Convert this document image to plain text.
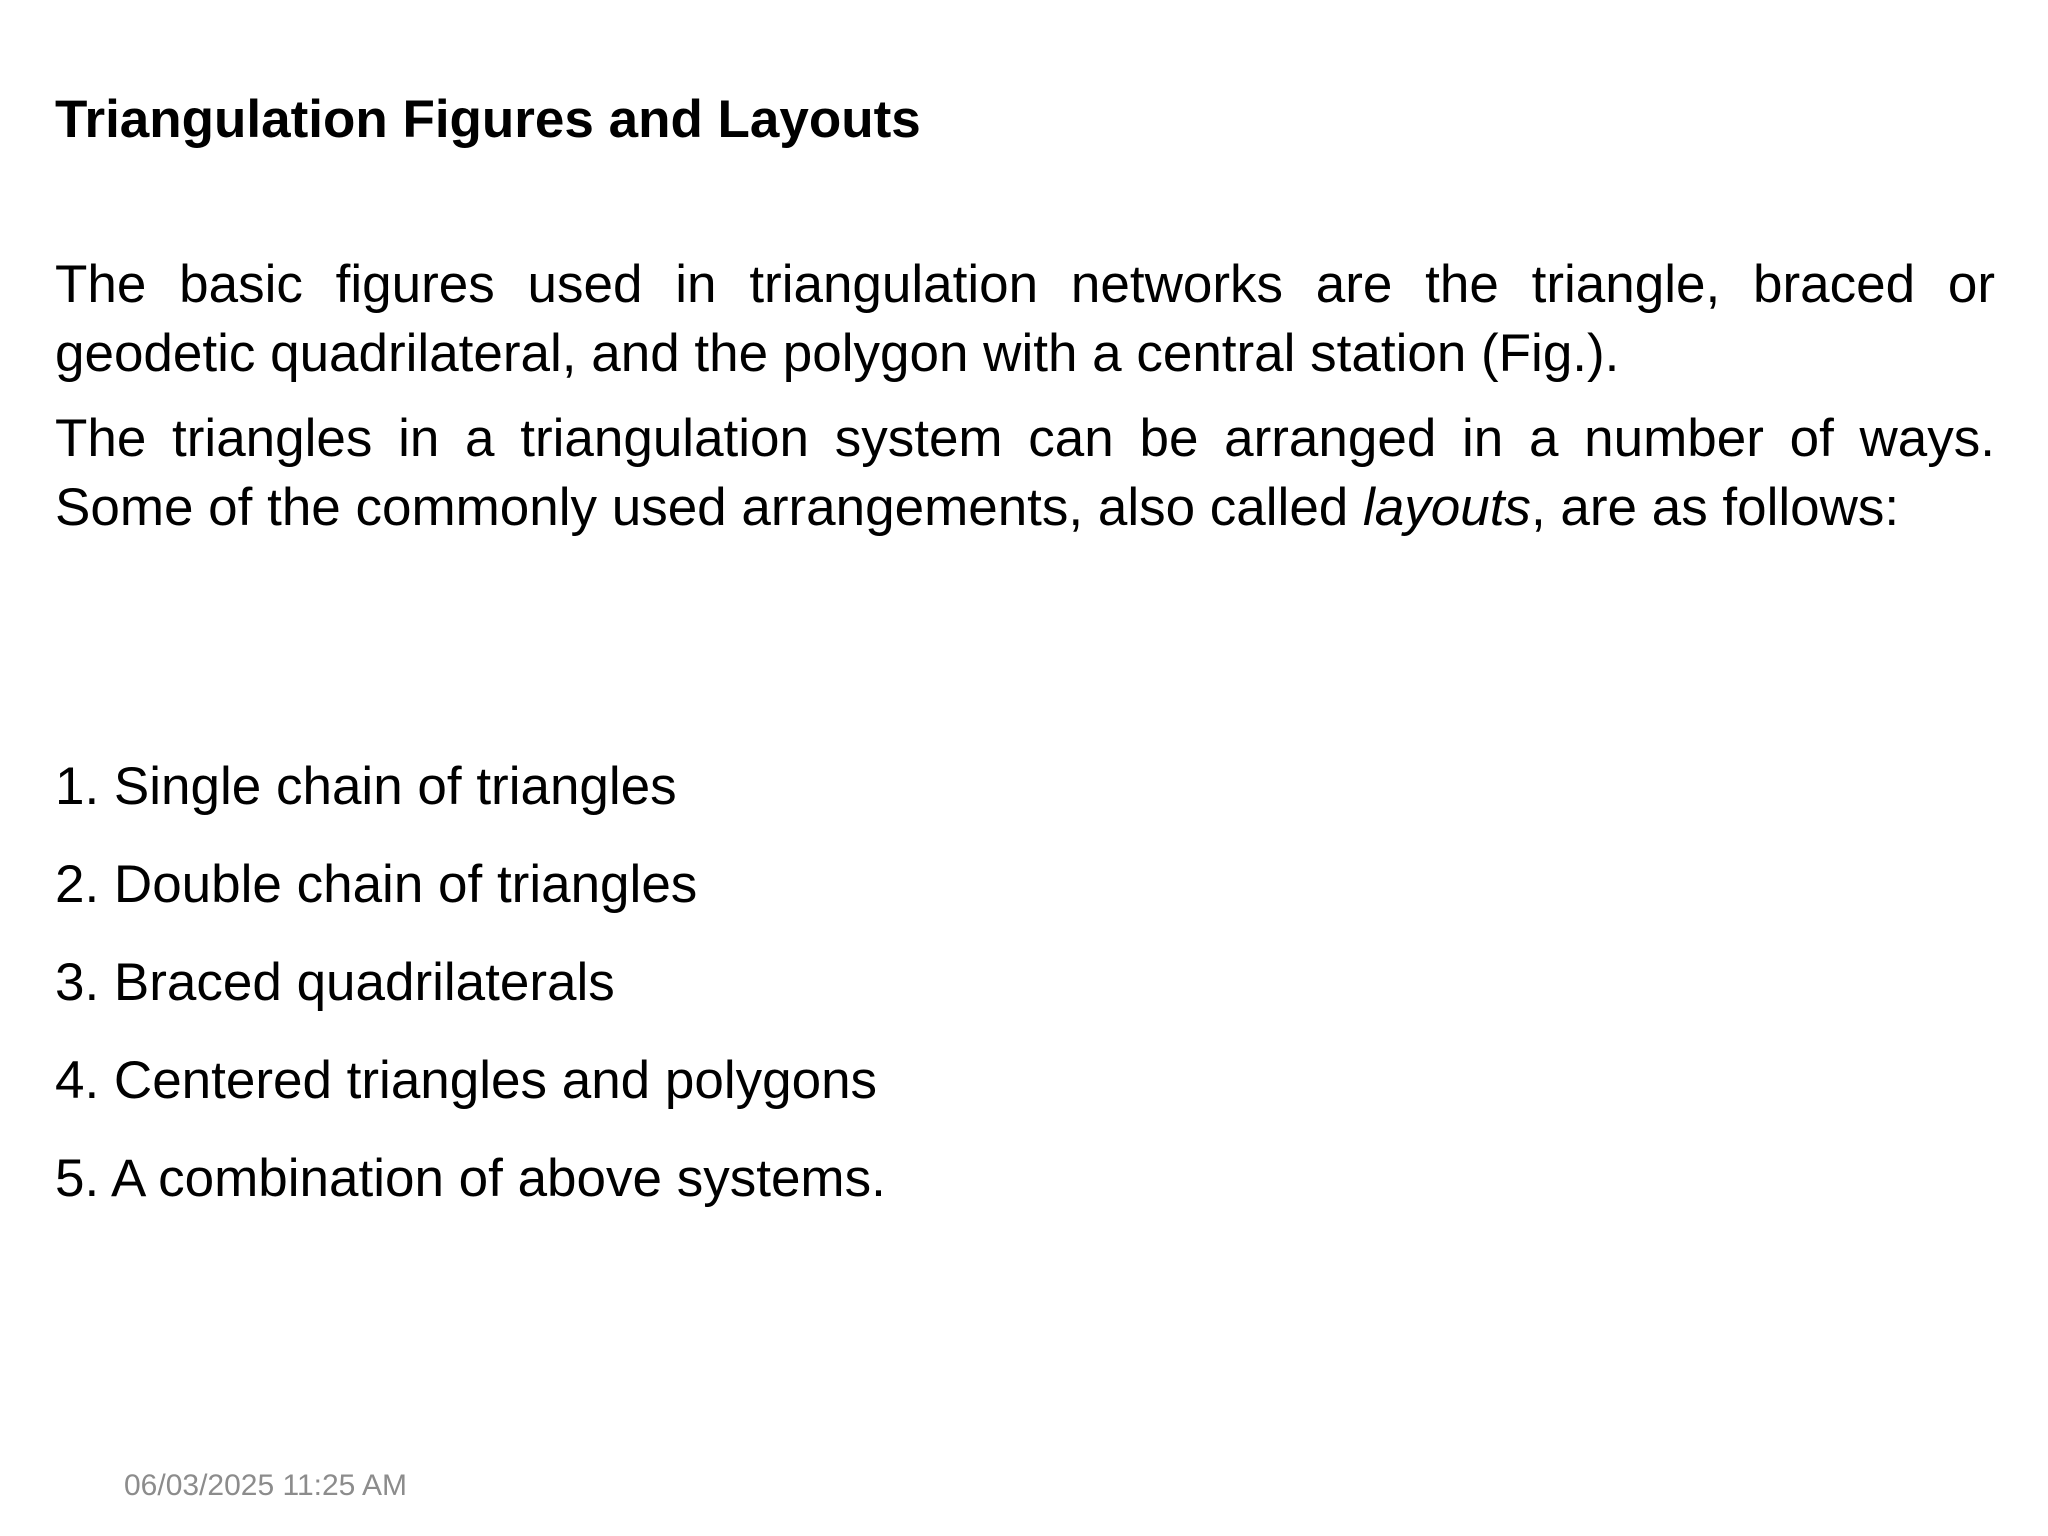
Triangulation Figures and Layouts

The basic figures used in triangulation networks are the triangle, braced or geodetic quadrilateral, and the polygon with a central station (Fig.).

The triangles in a triangulation system can be arranged in a number of ways. Some of the commonly used arrangements, also called layouts, are as follows:

1. Single chain of triangles
2. Double chain of triangles
3. Braced quadrilaterals
4. Centered triangles and polygons
5. A combination of above systems.
06/03/2025 11:25 AM
